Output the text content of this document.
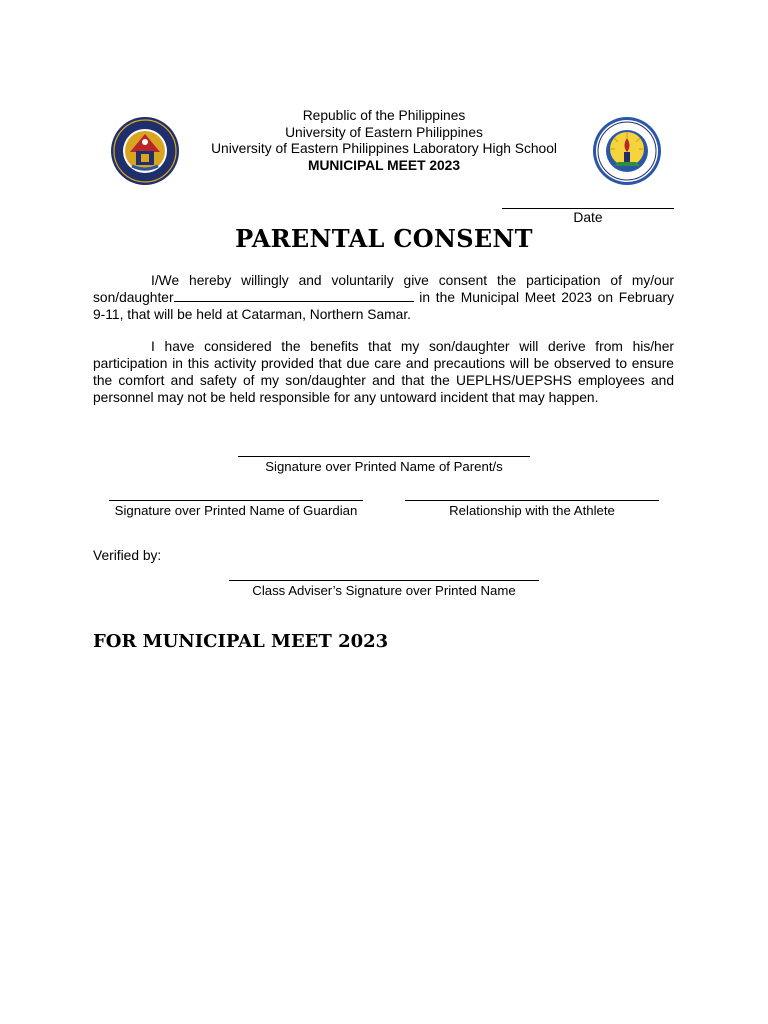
Republic of the Philippines
University of Eastern Philippines
University of Eastern Philippines Laboratory High School
MUNICIPAL MEET 2023
Date
PARENTAL CONSENT
I/We hereby willingly and voluntarily give consent the participation of my/our son/daughter	in the Municipal Meet 2023 on February 9-11, that will be held at Catarman, Northern Samar.
I have considered the benefits that my son/daughter will derive from his/her participation in this activity provided that due care and precautions will be observed to ensure the comfort and safety of my son/daughter and that the UEPLHS/UEPSHS employees and personnel may not be held responsible for any untoward incident that may happen.
Signature over Printed Name of Parent/s
Signature over Printed Name of Guardian	Relationship with the Athlete
Verified by:
Class Adviser’s Signature over Printed Name
FOR MUNICIPAL MEET 2023
